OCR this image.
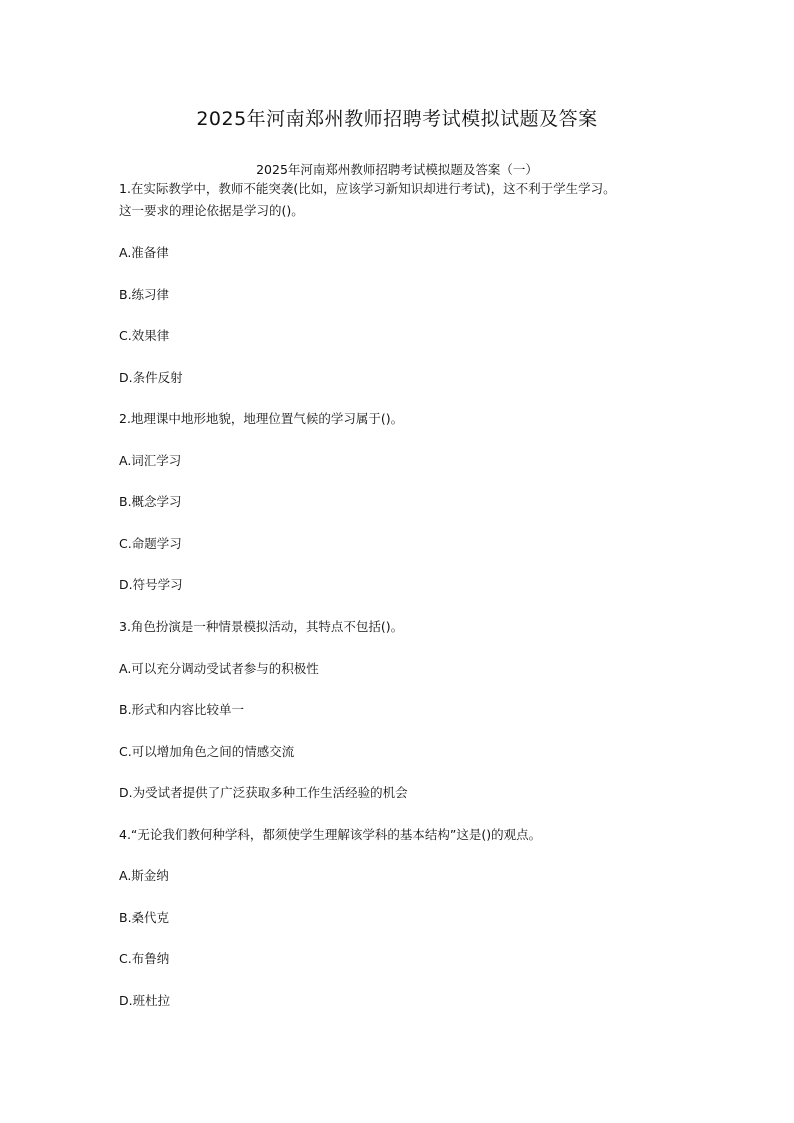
2025年河南郑州教师招聘考试模拟试题及答案
2025年河南郑州教师招聘考试模拟题及答案（一）
1.在实际教学中，教师不能突袭(比如，应该学习新知识却进行考试)，这不利于学生学习。
这一要求的理论依据是学习的()。
A.准备律
B.练习律
C.效果律
D.条件反射
2.地理课中地形地貌，地理位置气候的学习属于()。
A.词汇学习
B.概念学习
C.命题学习
D.符号学习
3.角色扮演是一种情景模拟活动，其特点不包括()。
A.可以充分调动受试者参与的积极性
B.形式和内容比较单一
C.可以增加角色之间的情感交流
D.为受试者提供了广泛获取多种工作生活经验的机会
4.“无论我们教何种学科，都须使学生理解该学科的基本结构”这是()的观点。
A.斯金纳
B.桑代克
C.布鲁纳
D.班杜拉
